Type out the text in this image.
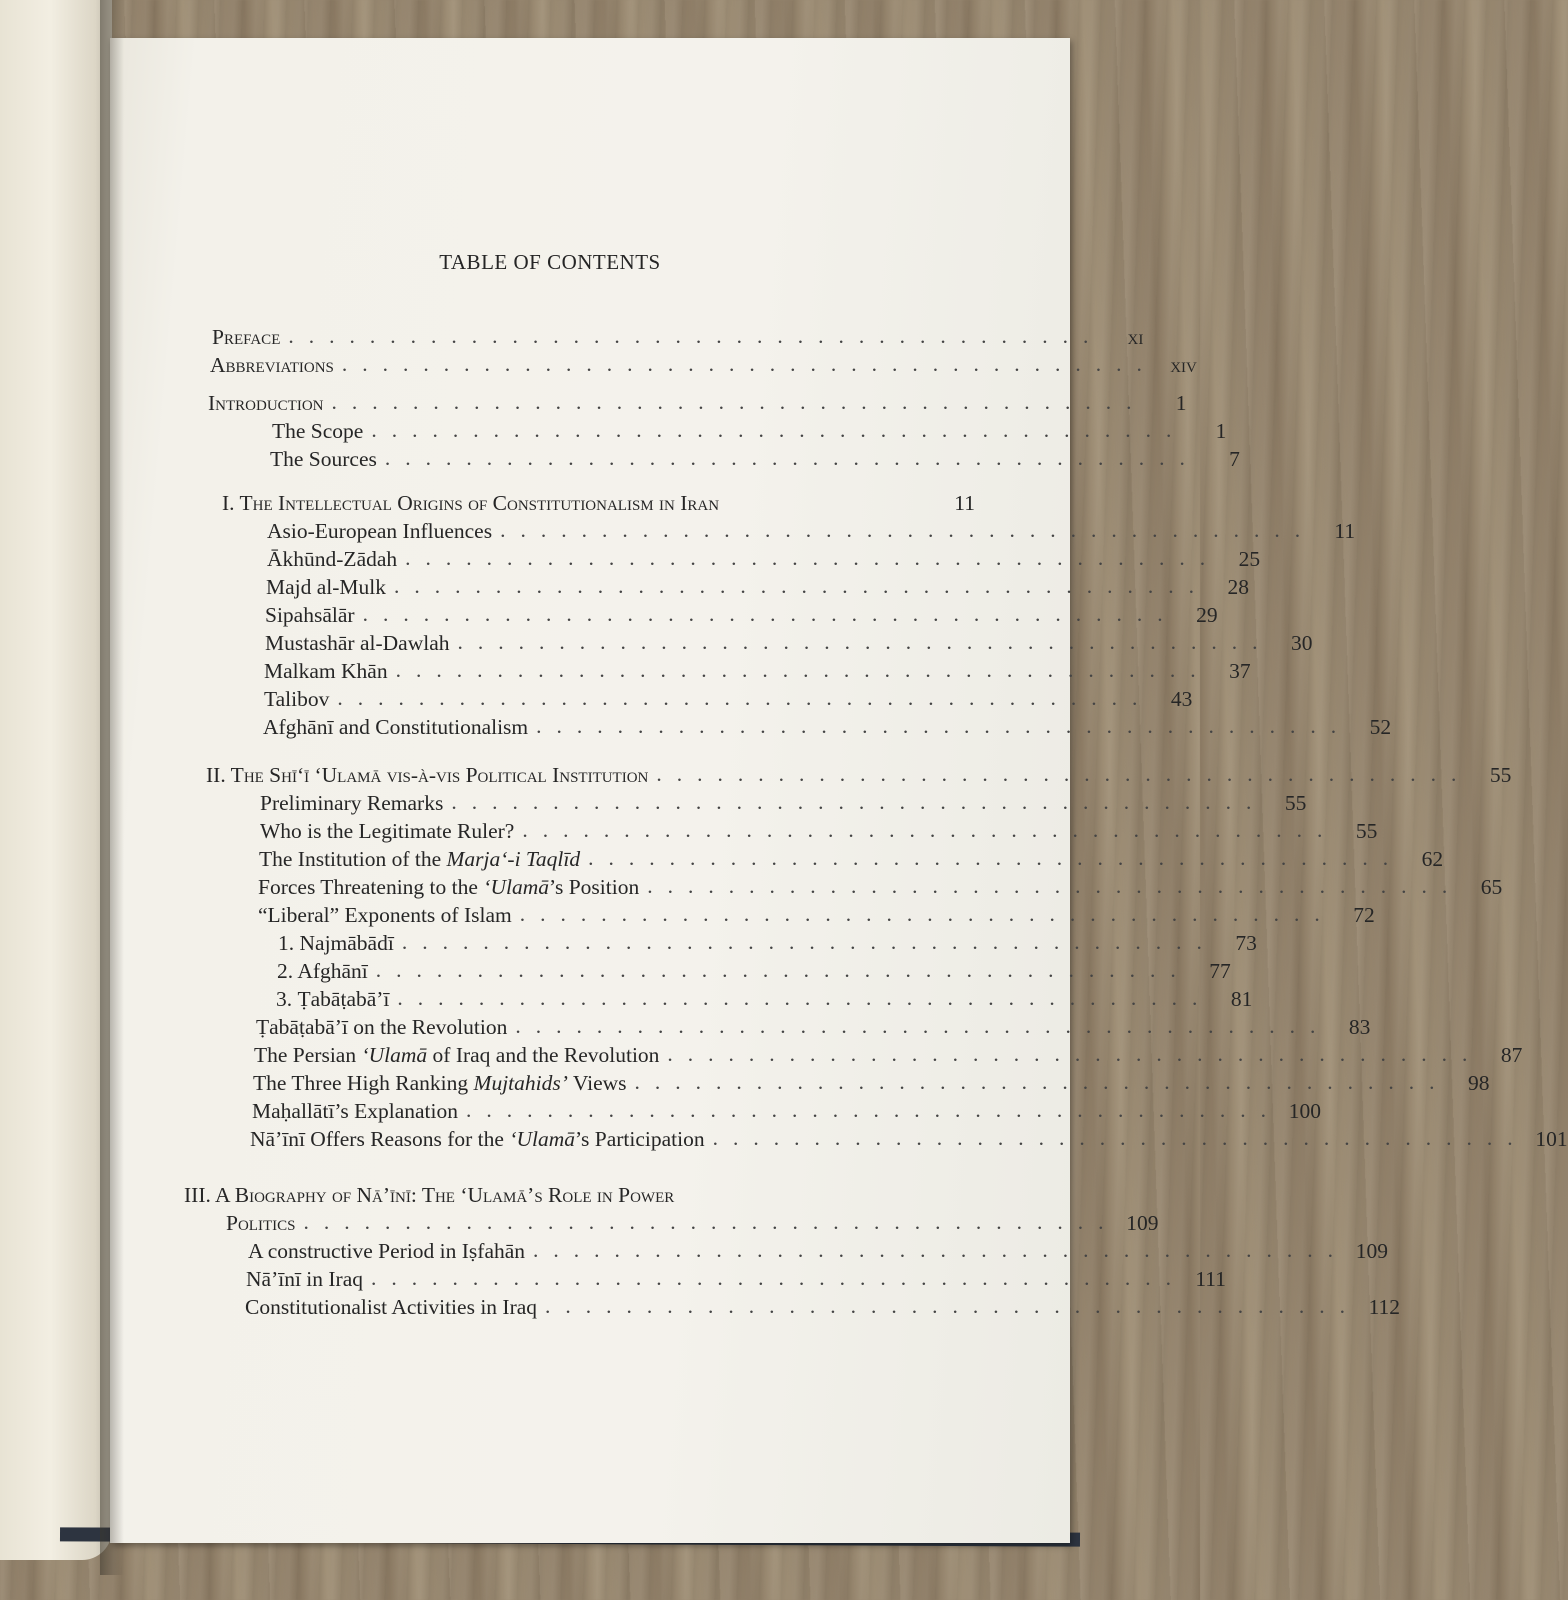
TABLE OF CONTENTS
Preface ........................................	xi
Abbreviations ........................................ xiv
Introduction ........................................	1
The Scope ........................................	1
The Sources ........................................	7
I. The Intellectual Origins of Constitutionalism in Iran	11
Asio-European Influences ........................................ 11
Ākhūnd-Zādah ........................................ 25
Majd al-Mulk ........................................ 28
Sipahsālār ........................................ 29
Mustashār al-Dawlah ........................................ 30
Malkam Khān ........................................ 37
Talibov ........................................ 43
Afghānī and Constitutionalism ........................................ 52
II. The Shī‘ī ‘Ulamā vis-à-vis Political Institution ........................................ 55
Preliminary Remarks ........................................ 55
Who is the Legitimate Ruler? ........................................ 55
The Institution of the Marja‘-i Taqlīd ........................................ 62
Forces Threatening to the ‘Ulamā’s Position ........................................ 65
“Liberal” Exponents of Islam ........................................ 72
1. Najmābādī ........................................ 73
2. Afghānī ........................................ 77
3. Ṭabāṭabā’ī ........................................ 81
Ṭabāṭabā’ī on the Revolution ........................................ 83
The Persian ‘Ulamā of Iraq and the Revolution ........................................ 87
The Three High Ranking Mujtahids’ Views ........................................ 98
Maḥallātī’s Explanation ........................................ 100
Nā’īnī Offers Reasons for the ‘Ulamā’s Participation ........................................ 101
III. A Biography of Nā’īnī: The ‘Ulamā’s Role in Power
Politics ........................................ 109
A constructive Period in Iṣfahān ........................................ 109
Nā’īnī in Iraq ........................................ 111
Constitutionalist Activities in Iraq ........................................ 112
